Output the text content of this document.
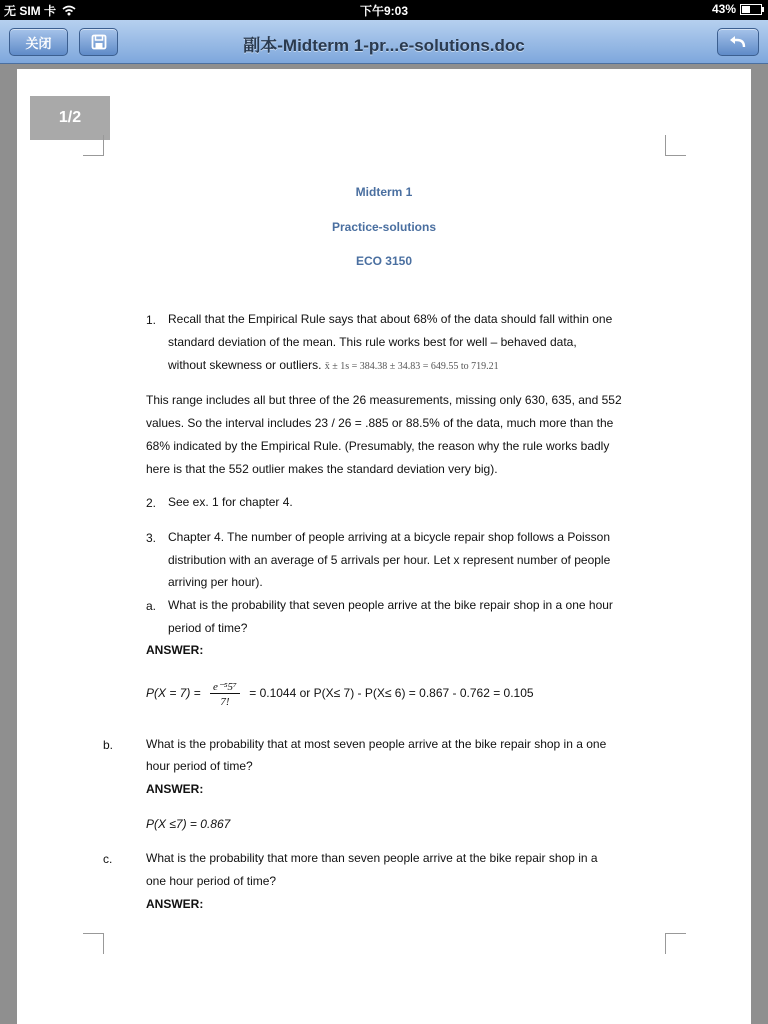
无 SIM 卡	下午9:03	43%
关闭	副本-Midterm 1-pr...e-solutions.doc
1/2
Midterm 1
Practice-solutions
ECO 3150
1. Recall that the Empirical Rule says that about 68% of the data should fall within one
standard deviation of the mean. This rule works best for well – behaved data,
without skewness or outliers. x̄ ± 1s = 384.38 ± 34.83 = 649.55 to 719.21
This range includes all but three of the 26 measurements, missing only 630, 635, and 552
values. So the interval includes 23 / 26 = .885 or 88.5% of the data, much more than the
68% indicated by the Empirical Rule. (Presumably, the reason why the rule works badly
here is that the 552 outlier makes the standard deviation very big).
2. See ex. 1 for chapter 4.
3. Chapter 4. The number of people arriving at a bicycle repair shop follows a Poisson
distribution with an average of 5 arrivals per hour. Let x represent number of people
arriving per hour).
a. What is the probability that seven people arrive at the bike repair shop in a one hour
period of time?
ANSWER:
$P(X = 7) = \frac{\text{e⁻⁵5⁷}}{7!} = 0.1044$ or P(X≤ 7) - P(X≤ 6) = 0.867 - 0.762 = 0.105
b.	What is the probability that at most seven people arrive at the bike repair shop in a one
hour period of time?
ANSWER:
P(X ≤7) = 0.867
c.	What is the probability that more than seven people arrive at the bike repair shop in a
one hour period of time?
ANSWER:
